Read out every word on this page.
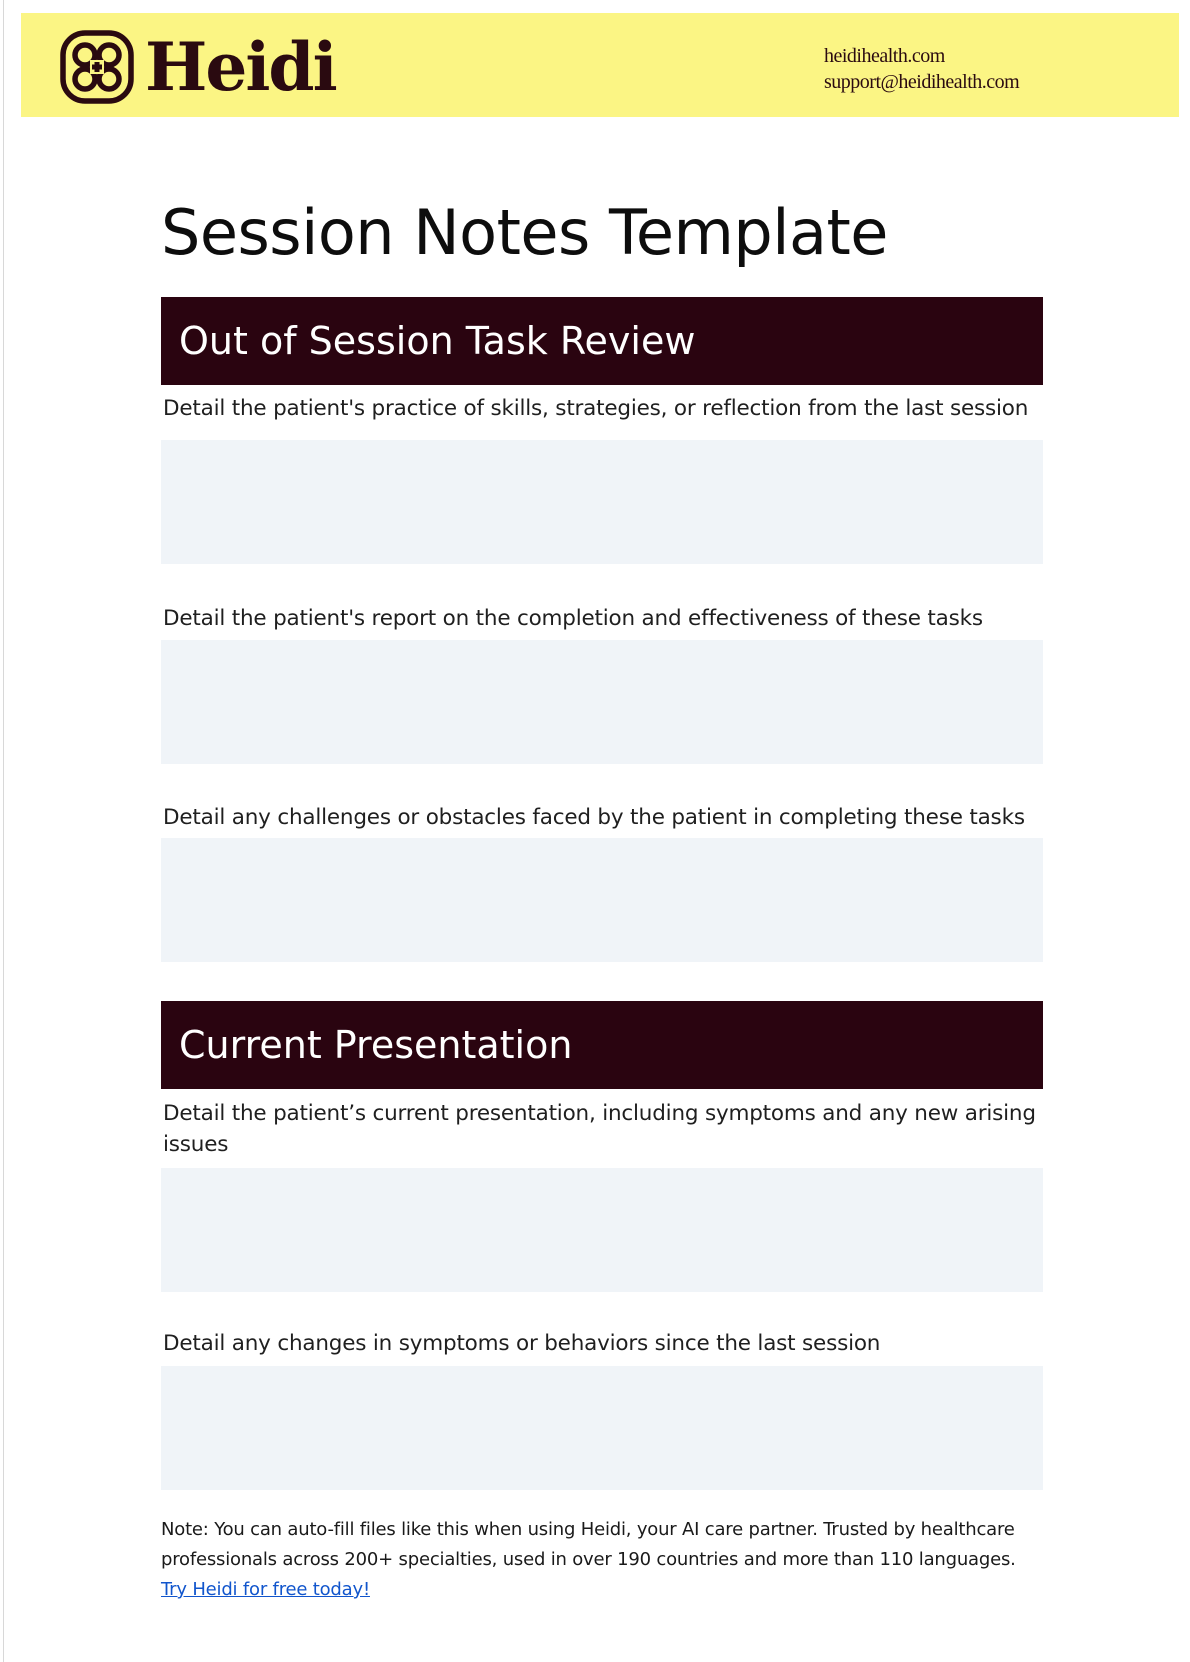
Heidi	heidihealth.com
support@heidihealth.com
Session Notes Template
Out of Session Task Review
Detail the patient's practice of skills, strategies, or reflection from the last session
Detail the patient's report on the completion and effectiveness of these tasks
Detail any challenges or obstacles faced by the patient in completing these tasks
Current Presentation
Detail the patient’s current presentation, including symptoms and any new arising issues
Detail any changes in symptoms or behaviors since the last session
Note: You can auto-fill files like this when using Heidi, your AI care partner. Trusted by healthcare professionals across 200+ specialties, used in over 190 countries and more than 110 languages.
Try Heidi for free today!
